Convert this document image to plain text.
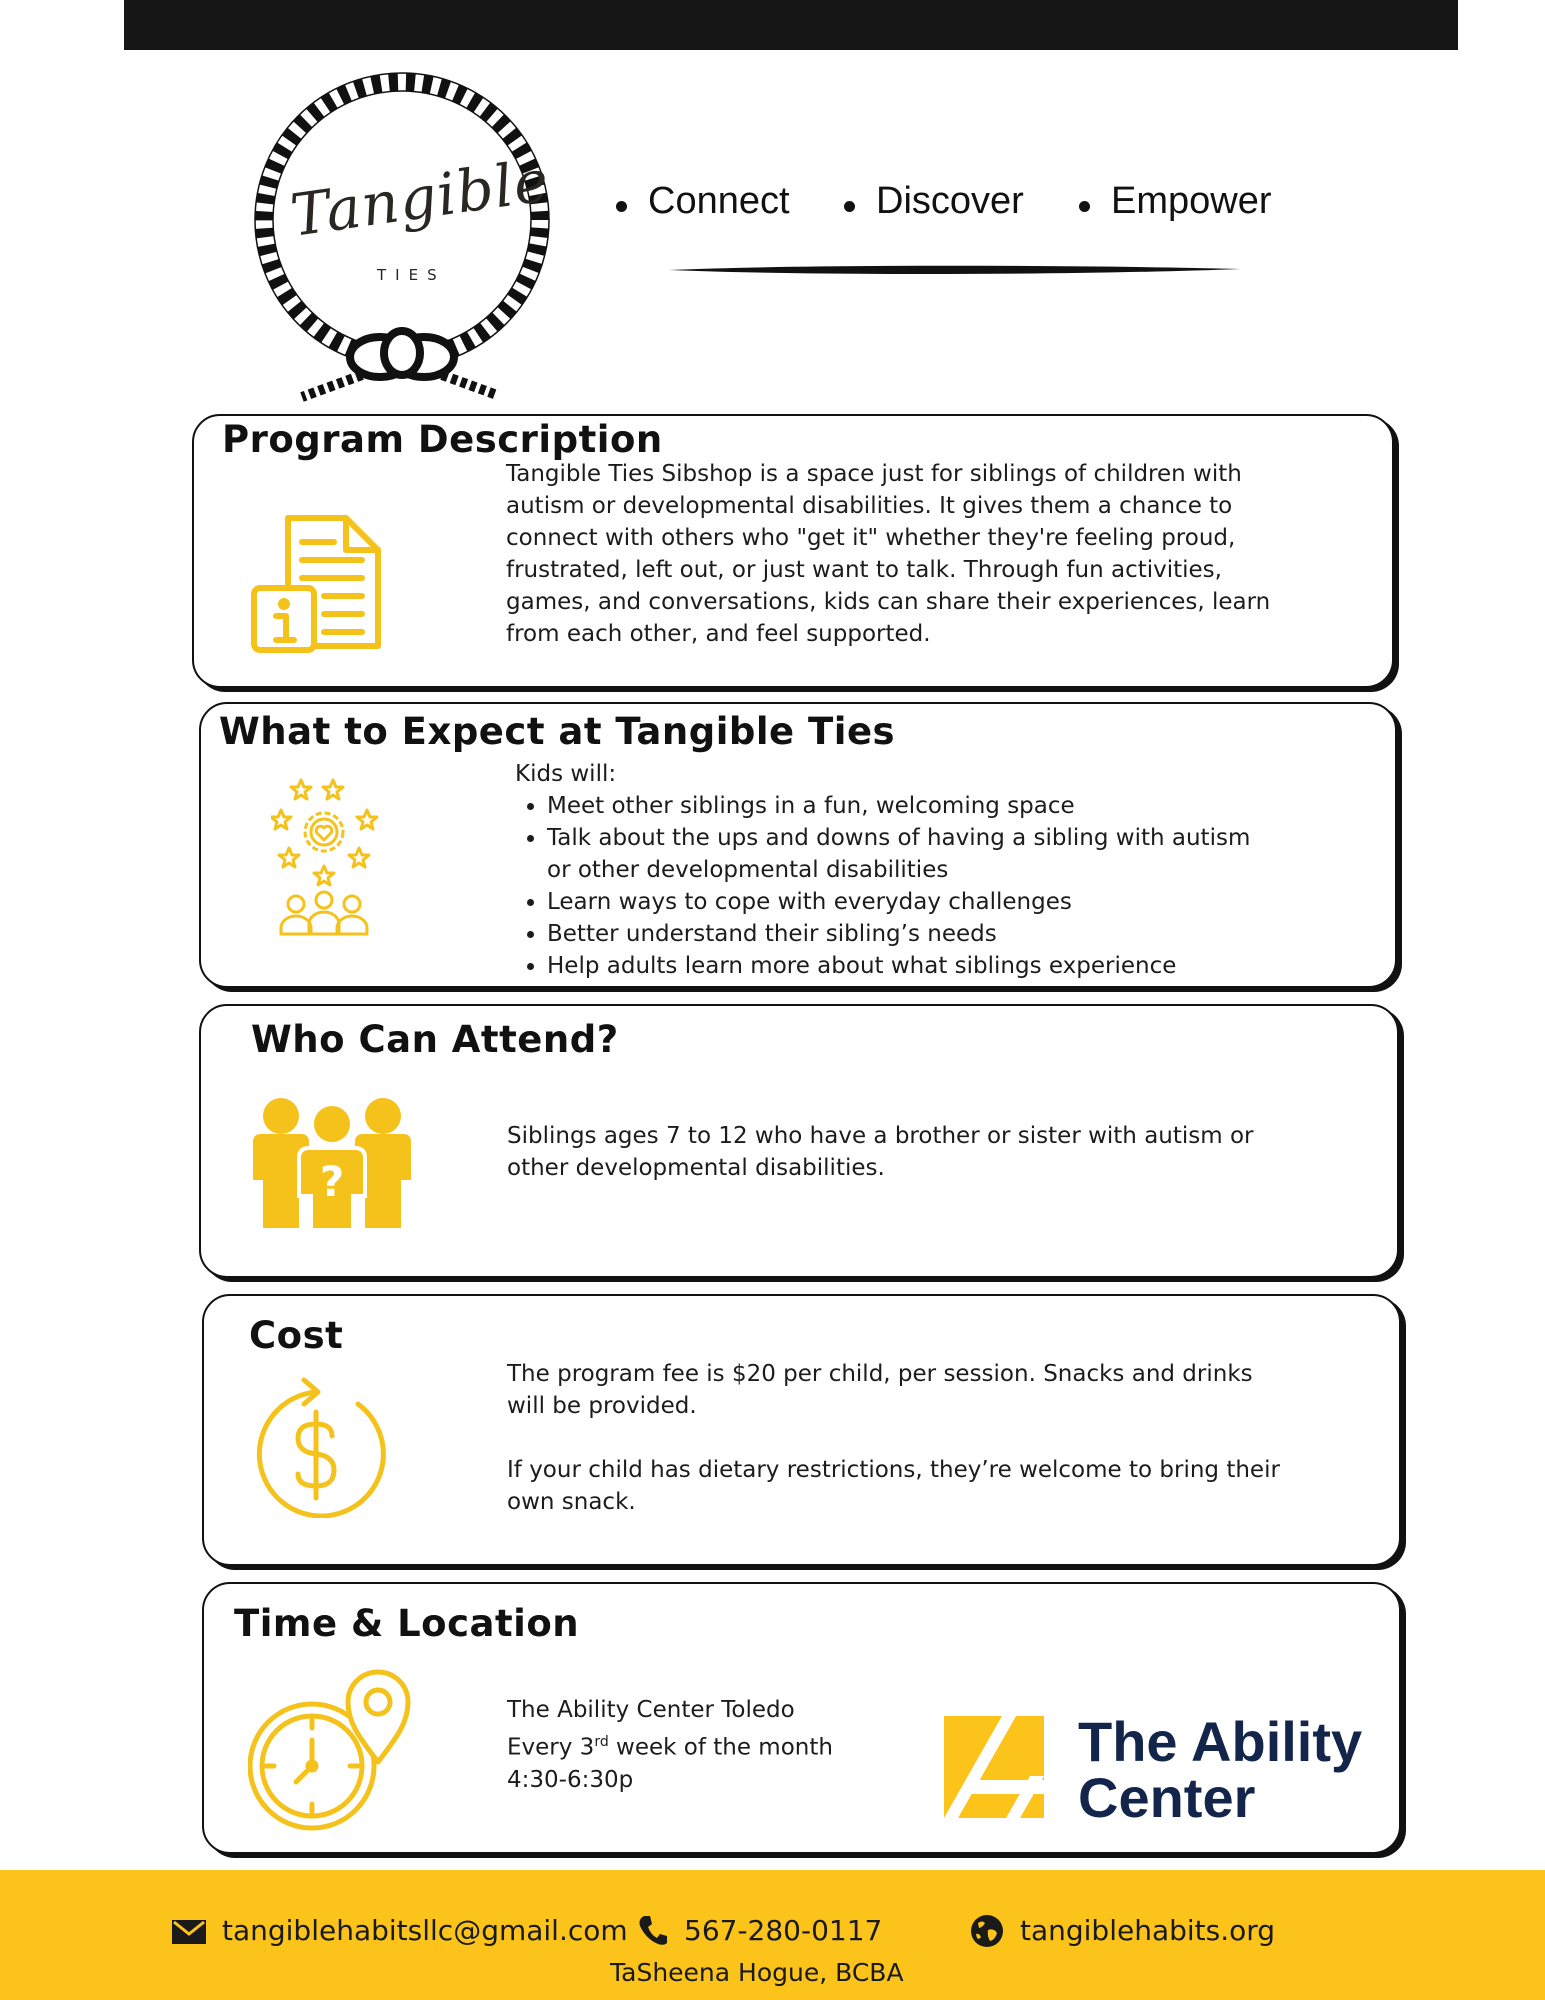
Tangible
TIES
Connect Discover Empower
Program Description
Tangible Ties Sibshop is a space just for siblings of children with autism or developmental disabilities. It gives them a chance to connect with others who "get it" whether they're feeling proud, frustrated, left out, or just want to talk. Through fun activities, games, and conversations, kids can share their experiences, learn from each other, and feel supported.
What to Expect at Tangible Ties

Kids will:

• Meet other siblings in a fun, welcoming space
• Talk about the ups and downs of having a sibling with autism or other developmental disabilities
• Learn ways to cope with everyday challenges
• Better understand their sibling’s needs
• Help adults learn more about what siblings experience
Who Can Attend?
?
Siblings ages 7 to 12 who have a brother or sister with autism or other developmental disabilities.
Cost

The program fee is $20 per child, per session. Snacks and drinks will be provided.

If your child has dietary restrictions, they’re welcome to bring their own snack.

Time & Location

The Ability Center Toledo

Every 3rd week of the month

4:30-6:30p

The Ability
Center
tangiblehabitsllc@gmail.com 567-280-0117	tangiblehabits.org
TaSheena Hogue, BCBA
